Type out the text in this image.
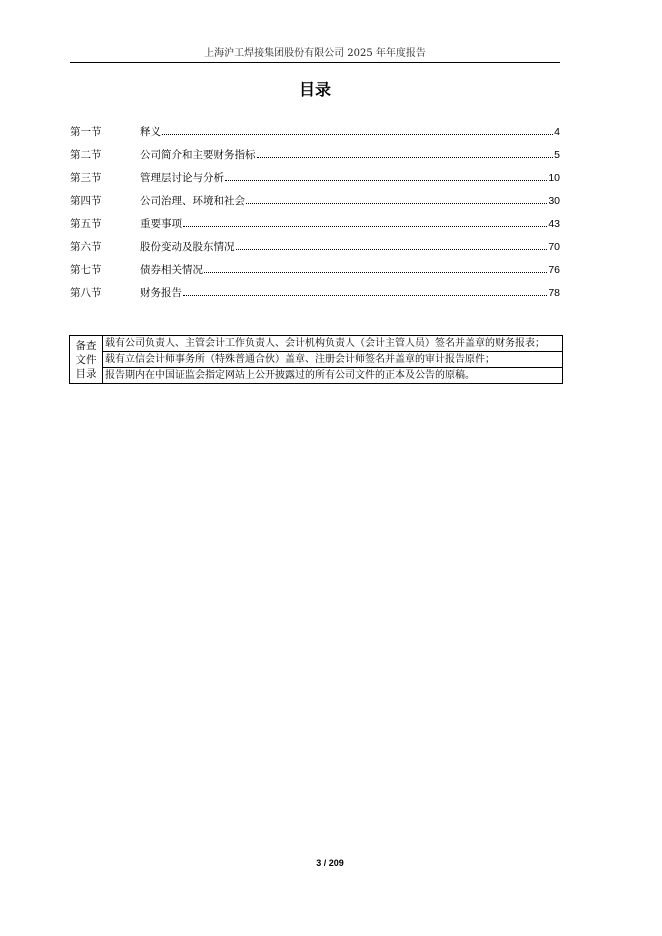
上海沪工焊接集团股份有限公司 2025 年年度报告
目录
第一节	释义	4
第二节	公司简介和主要财务指标	5
第三节	管理层讨论与分析	10
第四节	公司治理、环境和社会	30
第五节	重要事项	43
第六节	股份变动及股东情况	70
第七节	债券相关情况	76
第八节	财务报告	78
备查
文件
目录
	载有公司负责人、主管会计工作负责人、会计机构负责人（会计主管人员）签名并盖章的财务报表；
载有立信会计师事务所（特殊普通合伙）盖章、注册会计师签名并盖章的审计报告原件；
报告期内在中国证监会指定网站上公开披露过的所有公司文件的正本及公告的原稿。
3 / 209
